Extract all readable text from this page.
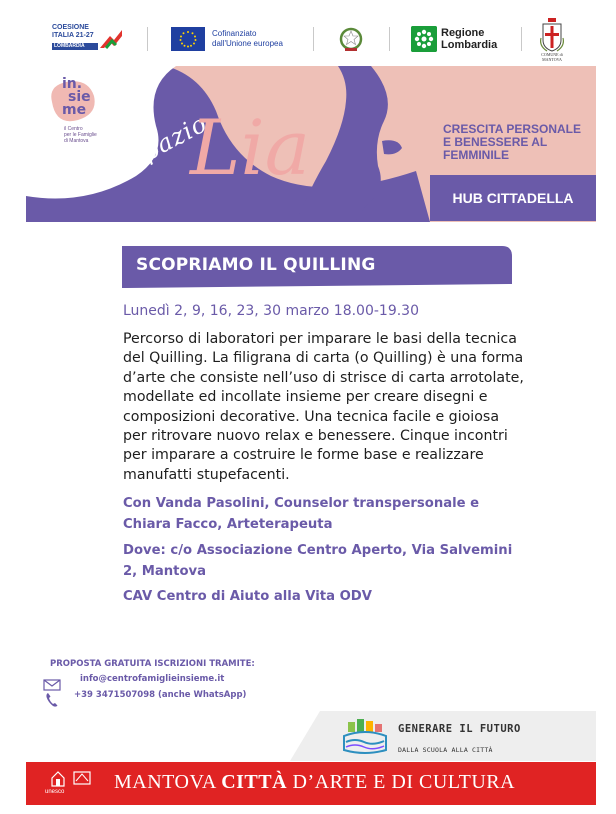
COESIONE
ITALIA 21-27
LOMBARDIA
Cofinanziato
dall'Unione europea
Regione
Lombardia
COMUNE di MANTOVA
in.
sie
me
il Centro
per le Famiglie
di Mantova	Spazio
Lia	CRESCITA PERSONALE
E BENESSERE AL
FEMMINILE
HUB CITTADELLA
SCOPRIAMO IL QUILLING
Lunedì 2, 9, 16, 23, 30 marzo 18.00-19.30
Percorso di laboratori per imparare le basi della tecnica del Quilling. La filigrana di carta (o Quilling) è una forma d’arte che consiste nell’uso di strisce di carta arrotolate, modellate ed incollate insieme per creare disegni e composizioni decorative. Una tecnica facile e gioiosa per ritrovare nuovo relax e benessere. Cinque incontri per imparare a costruire le forme base e realizzare manufatti stupefacenti.
Con Vanda Pasolini, Counselor transpersonale e Chiara Facco, Arteterapeuta
Dove: c/o Associazione Centro Aperto, Via Salvemini 2, Mantova
CAV Centro di Aiuto alla Vita ODV
PROPOSTA GRATUITA ISCRIZIONI TRAMITE:
info@centrofamiglieinsieme.it
+39 3471507098 (anche WhatsApp)
GENERARE IL FUTURO
DALLA SCUOLA ALLA CITTÀ
unesco MANTOVA CITTÀ D’ARTE E DI CULTURA
